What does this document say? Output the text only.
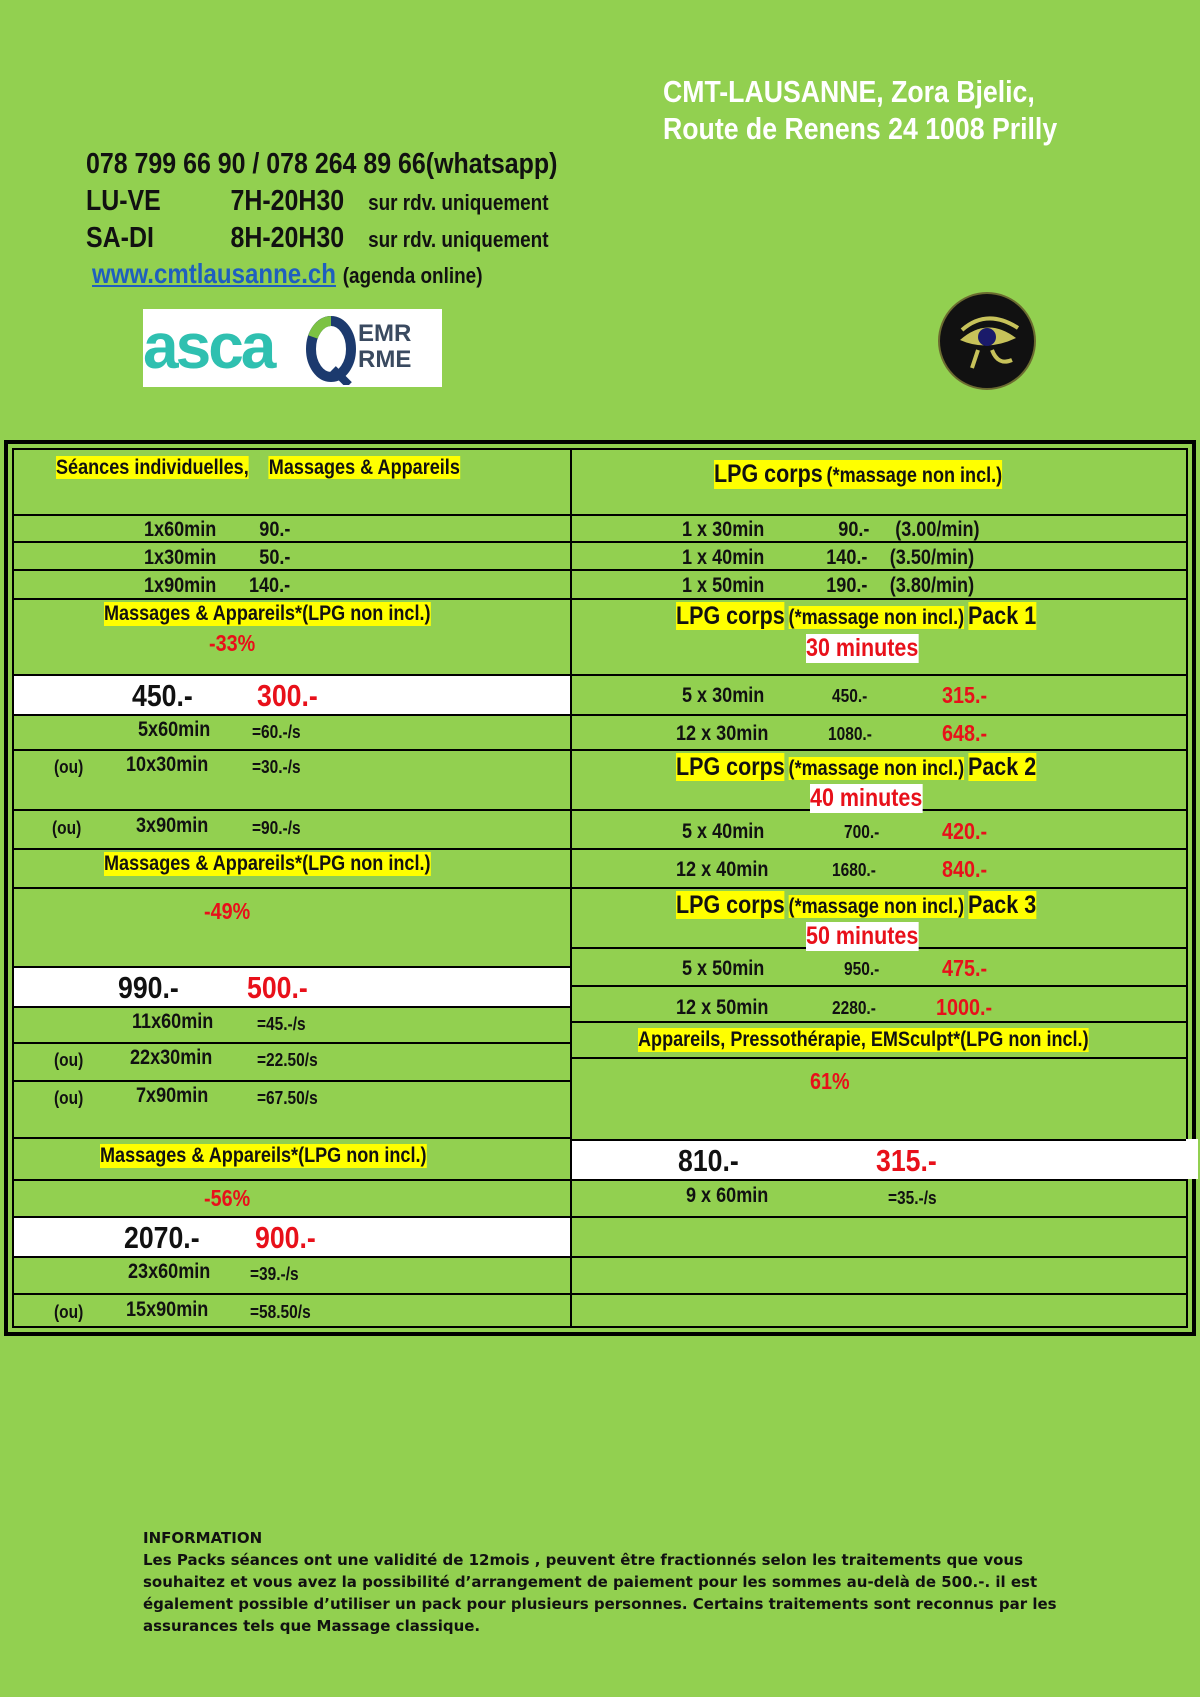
CMT-LAUSANNE, Zora Bjelic,
Route de Renens 24 1008 Prilly
078 799 66 90 / 078 264 89 66(whatsapp)
LU-VE 7H-20H30 sur rdv. uniquement
SA-DI	8H-20H30 sur rdv. uniquement
www.cmtlausanne.ch (agenda online)
asca	EMR
RME
Séances individuelles, Massages & Appareils
1x60min 90.-
1x30min 50.-
1x90min 140.-
Massages & Appareils*(LPG non incl.)
-33%
450.-	300.-
5x60min	=60.-/s
(ou) 10x30min	=30.-/s
(ou)	3x90min	=90.-/s
Massages & Appareils*(LPG non incl.)
-49%
990.-	500.-
11x60min	=45.-/s
(ou) 22x30min	=22.50/s
(ou)	7x90min	=67.50/s
Massages & Appareils*(LPG non incl.)
-56%
2070.-	900.-
23x60min	=39.-/s
(ou) 15x90min	=58.50/s
LPG corps (*massage non incl.)
1 x 30min	90.- (3.00/min)
1 x 40min	140.- (3.50/min)
1 x 50min	190.- (3.80/min)
LPG corps (*massage non incl.) Pack 1
30 minutes
5 x 30min	450.-	315.-
12 x 30min	1080.-	648.-
LPG corps (*massage non incl.) Pack 2
40 minutes
5 x 40min	700.-	420.-
12 x 40min	1680.-	840.-
LPG corps (*massage non incl.) Pack 3
50 minutes
5 x 50min	950.-	475.-
12 x 50min	2280.-	1000.-
Appareils, Pressothérapie, EMSculpt*(LPG non incl.)
61%
810.-	315.-
9 x 60min	=35.-/s
INFORMATION
Les Packs séances ont une validité de 12mois , peuvent être fractionnés selon les traitements que vous souhaitez et vous avez la possibilité d’arrangement de paiement pour les sommes au-delà de 500.-. il est également possible d’utiliser un pack pour plusieurs personnes. Certains traitements sont reconnus par les assurances tels que Massage classique.
